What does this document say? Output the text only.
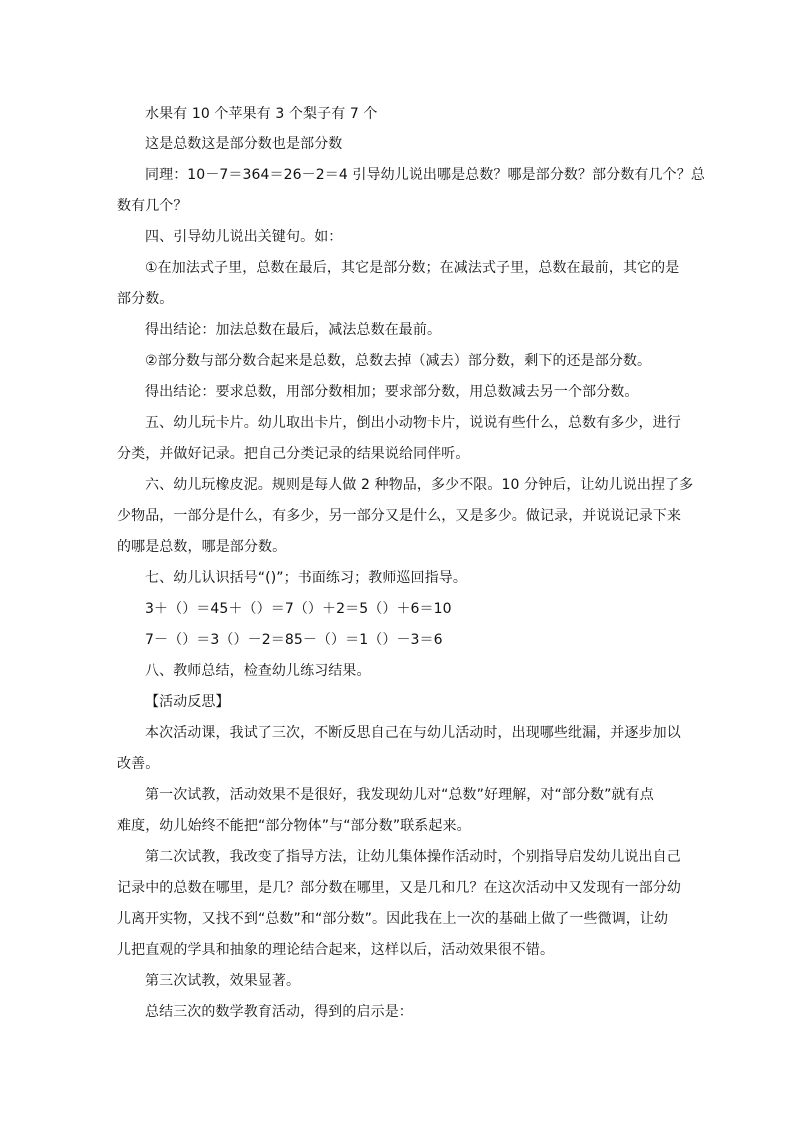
水果有 10 个苹果有 3 个梨子有 7 个

这是总数这是部分数也是部分数

同理：10－7＝364＝26－2＝4 引导幼儿说出哪是总数？哪是部分数？部分数有几个？总

数有几个？

四、引导幼儿说出关键句。如：

①在加法式子里，总数在最后，其它是部分数；在减法式子里，总数在最前，其它的是

部分数。

得出结论：加法总数在最后，减法总数在最前。

②部分数与部分数合起来是总数，总数去掉（减去）部分数，剩下的还是部分数。

得出结论：要求总数，用部分数相加；要求部分数，用总数减去另一个部分数。

五、幼儿玩卡片。幼儿取出卡片，倒出小动物卡片，说说有些什么，总数有多少，进行

分类，并做好记录。把自己分类记录的结果说给同伴听。

六、幼儿玩橡皮泥。规则是每人做 2 种物品，多少不限。10 分钟后，让幼儿说出捏了多

少物品，一部分是什么，有多少，另一部分又是什么，又是多少。做记录，并说说记录下来

的哪是总数，哪是部分数。

七、幼儿认识括号“()”；书面练习；教师巡回指导。

3＋（）＝45＋（）＝7（）＋2＝5（）＋6＝10

7－（）＝3（）－2＝85－（）＝1（）－3＝6

八、教师总结，检查幼儿练习结果。

【活动反思】

本次活动课，我试了三次，不断反思自己在与幼儿活动时，出现哪些纰漏，并逐步加以

改善。

第一次试教，活动效果不是很好，我发现幼儿对“总数”好理解，对“部分数”就有点

难度，幼儿始终不能把“部分物体”与“部分数”联系起来。

第二次试教，我改变了指导方法，让幼儿集体操作活动时，个别指导启发幼儿说出自己

记录中的总数在哪里，是几？部分数在哪里，又是几和几？在这次活动中又发现有一部分幼

儿离开实物，又找不到“总数”和“部分数”。因此我在上一次的基础上做了一些微调，让幼

儿把直观的学具和抽象的理论结合起来，这样以后，活动效果很不错。

第三次试教，效果显著。

总结三次的数学教育活动，得到的启示是：
